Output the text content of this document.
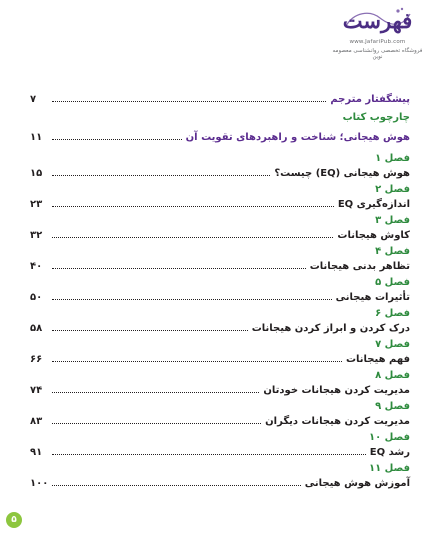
فهرست
www.JafariPub.com
فروشگاه تخصصی روانشناسی معصومه نوین
پیشگفتار مترجم
۷
چارچوب کتاب
هوش هیجانی؛ شناخت و راهبردهای تقویت آن
۱۱
فصل ۱
هوش هیجانی (EQ) چیست؟
۱۵
فصل ۲
اندازه‌گیری EQ
۲۳
فصل ۳
کاوش هیجانات
۳۲
فصل ۴
تظاهر بدنی هیجانات
۴۰
فصل ۵
تأثیرات هیجانی
۵۰
فصل ۶
درک کردن و ابراز کردن هیجانات
۵۸
فصل ۷
فهم هیجانات
۶۶
فصل ۸
مدیریت کردن هیجانات خودتان
۷۴
فصل ۹
مدیریت کردن هیجانات دیگران
۸۳
فصل ۱۰
رشد EQ
۹۱
فصل ۱۱
آموزش هوش هیجانی
۱۰۰
۵
